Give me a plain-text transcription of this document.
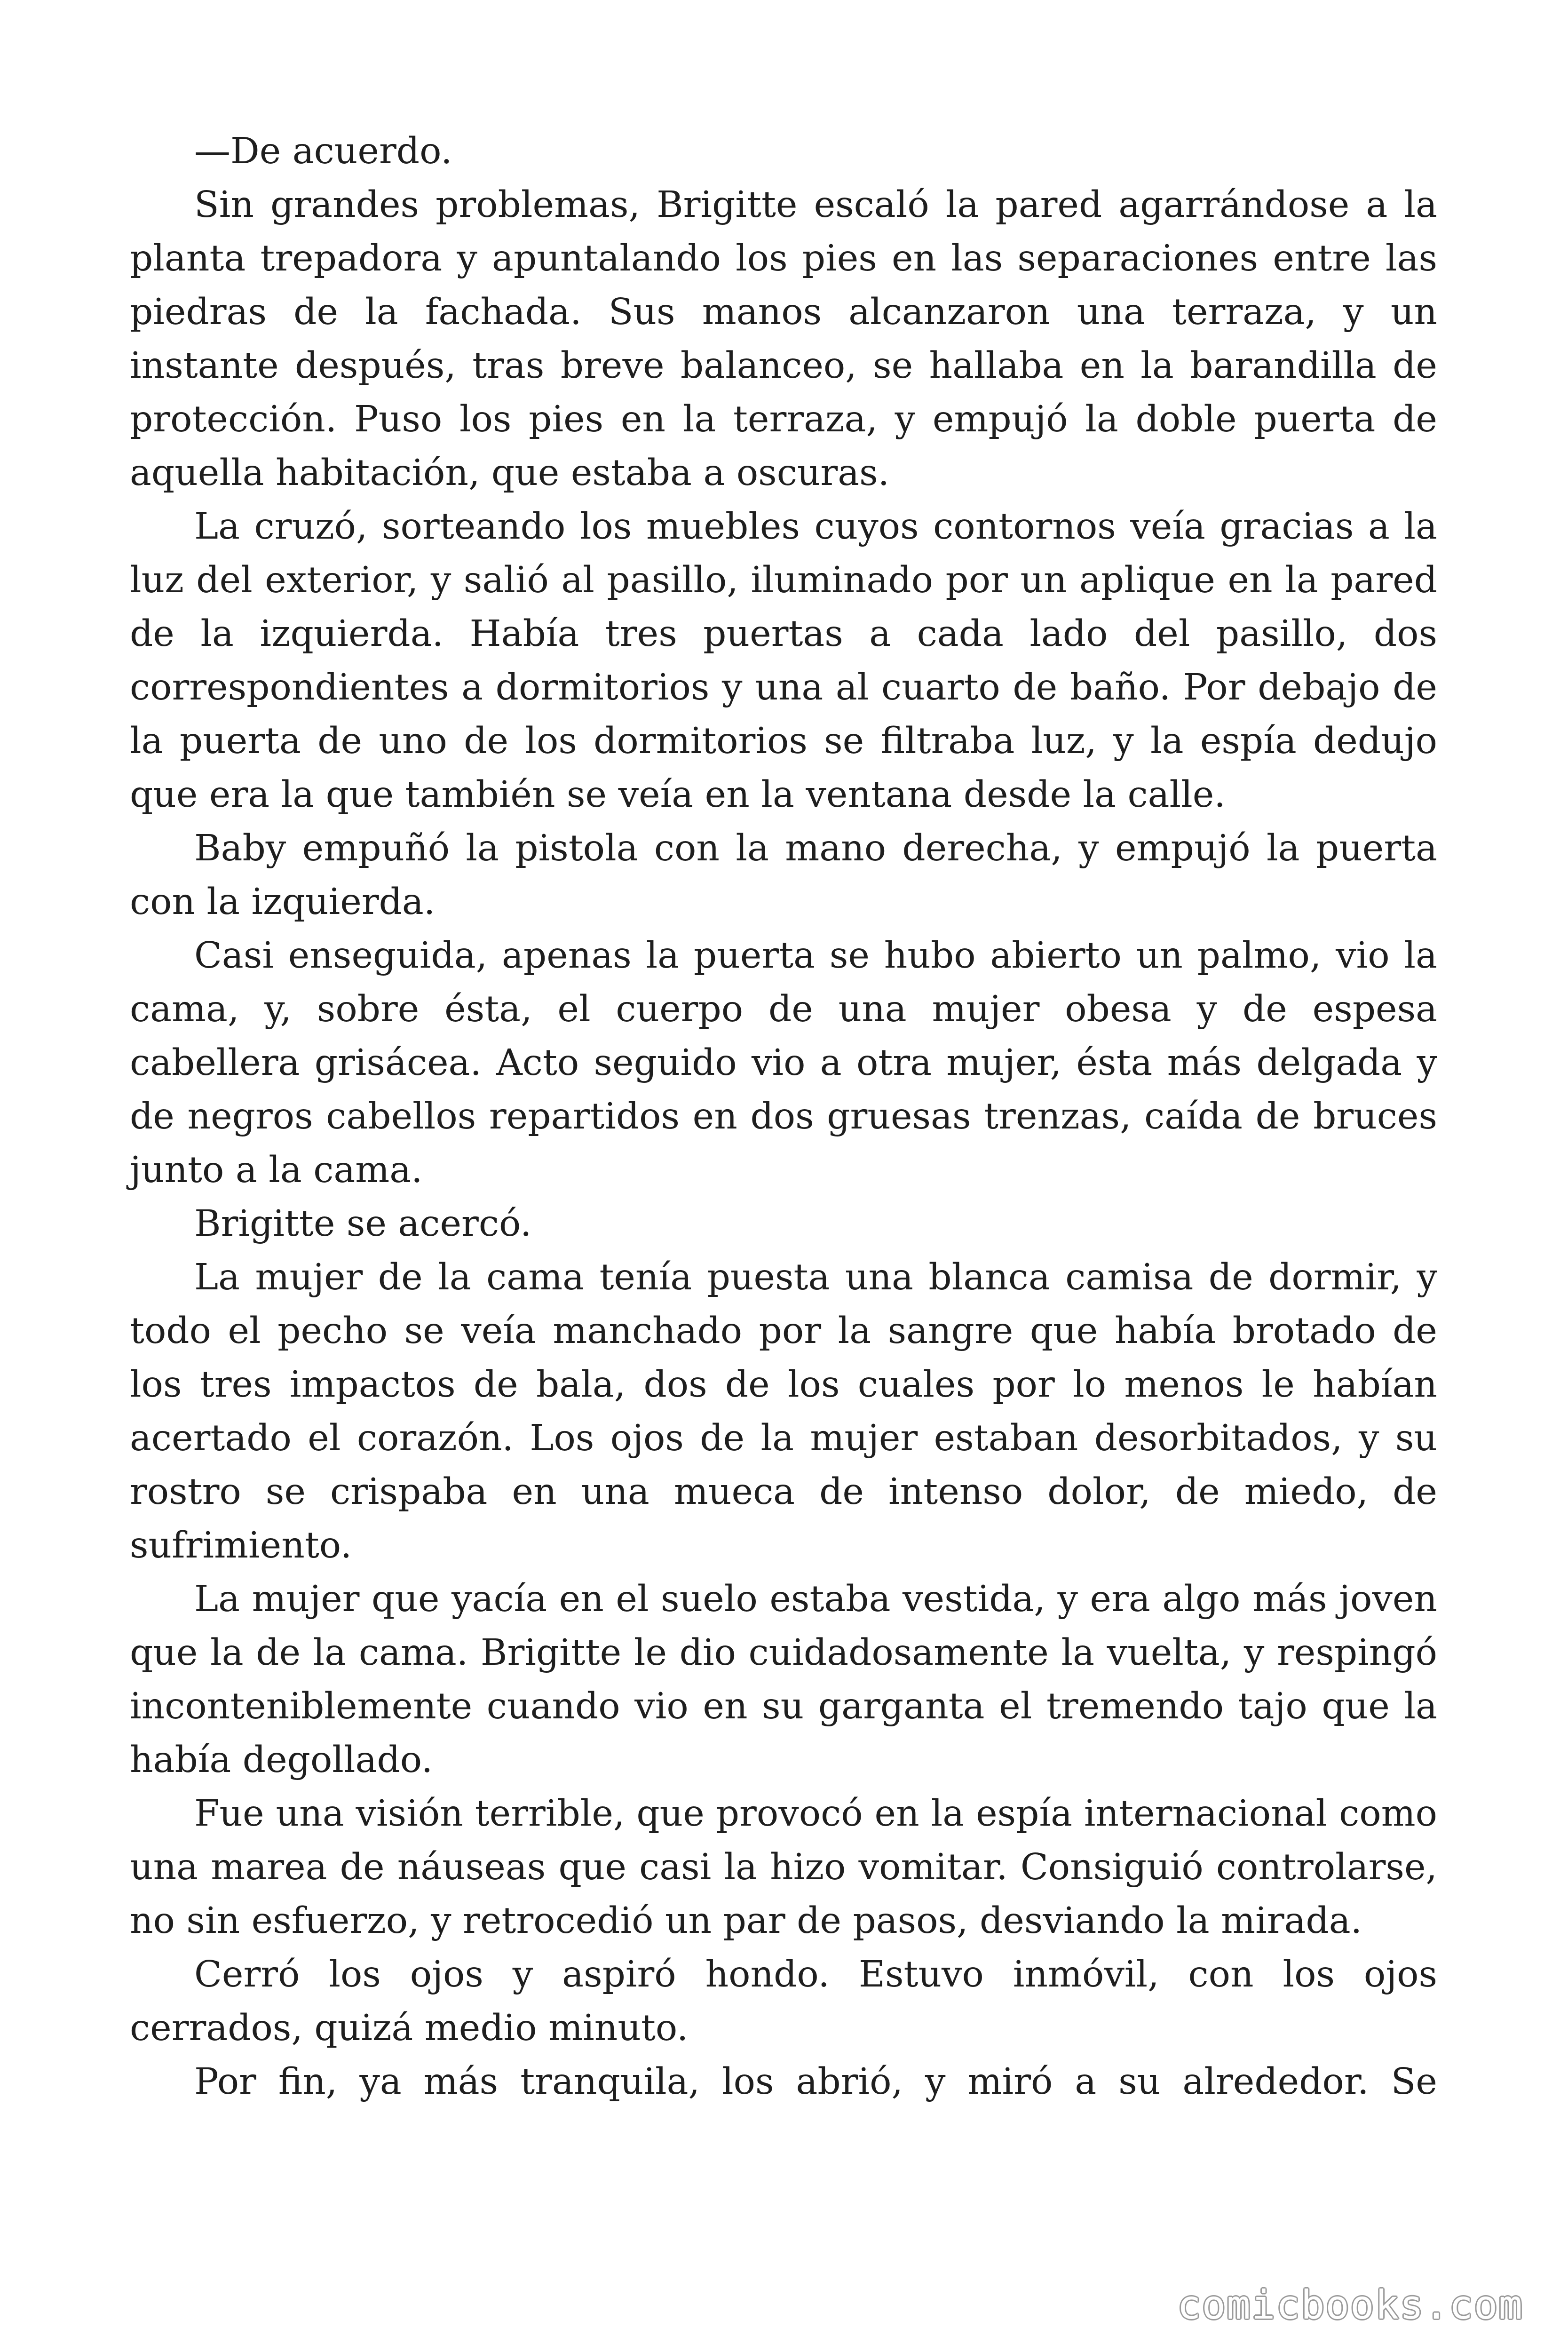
—De acuerdo.

Sin grandes problemas, Brigitte escaló la pared agarrándose a la planta trepadora y apuntalando los pies en las separaciones entre las piedras de la fachada. Sus manos alcanzaron una terraza, y un instante después, tras breve balanceo, se hallaba en la barandilla de protección. Puso los pies en la terraza, y empujó la doble puerta de aquella habitación, que estaba a oscuras.

La cruzó, sorteando los muebles cuyos contornos veía gracias a la luz del exterior, y salió al pasillo, iluminado por un aplique en la pared de la izquierda. Había tres puertas a cada lado del pasillo, dos correspondientes a dormitorios y una al cuarto de baño. Por debajo de la puerta de uno de los dormitorios se filtraba luz, y la espía dedujo que era la que también se veía en la ventana desde la calle.

Baby empuñó la pistola con la mano derecha, y empujó la puerta con la izquierda.

Casi enseguida, apenas la puerta se hubo abierto un palmo, vio la cama, y, sobre ésta, el cuerpo de una mujer obesa y de espesa cabellera grisácea. Acto seguido vio a otra mujer, ésta más delgada y de negros cabellos repartidos en dos gruesas trenzas, caída de bruces junto a la cama.

Brigitte se acercó.

La mujer de la cama tenía puesta una blanca camisa de dormir, y todo el pecho se veía manchado por la sangre que había brotado de los tres impactos de bala, dos de los cuales por lo menos le habían acertado el corazón. Los ojos de la mujer estaban desorbitados, y su rostro se crispaba en una mueca de intenso dolor, de miedo, de sufrimiento.

La mujer que yacía en el suelo estaba vestida, y era algo más joven que la de la cama. Brigitte le dio cuidadosamente la vuelta, y respingó inconteniblemente cuando vio en su garganta el tremendo tajo que la había degollado.

Fue una visión terrible, que provocó en la espía internacional como una marea de náuseas que casi la hizo vomitar. Consiguió controlarse, no sin esfuerzo, y retrocedió un par de pasos, desviando la mirada.

Cerró los ojos y aspiró hondo. Estuvo inmóvil, con los ojos cerrados, quizá medio minuto.

Por fin, ya más tranquila, los abrió, y miró a su alrededor. Se

comicbooks.com
